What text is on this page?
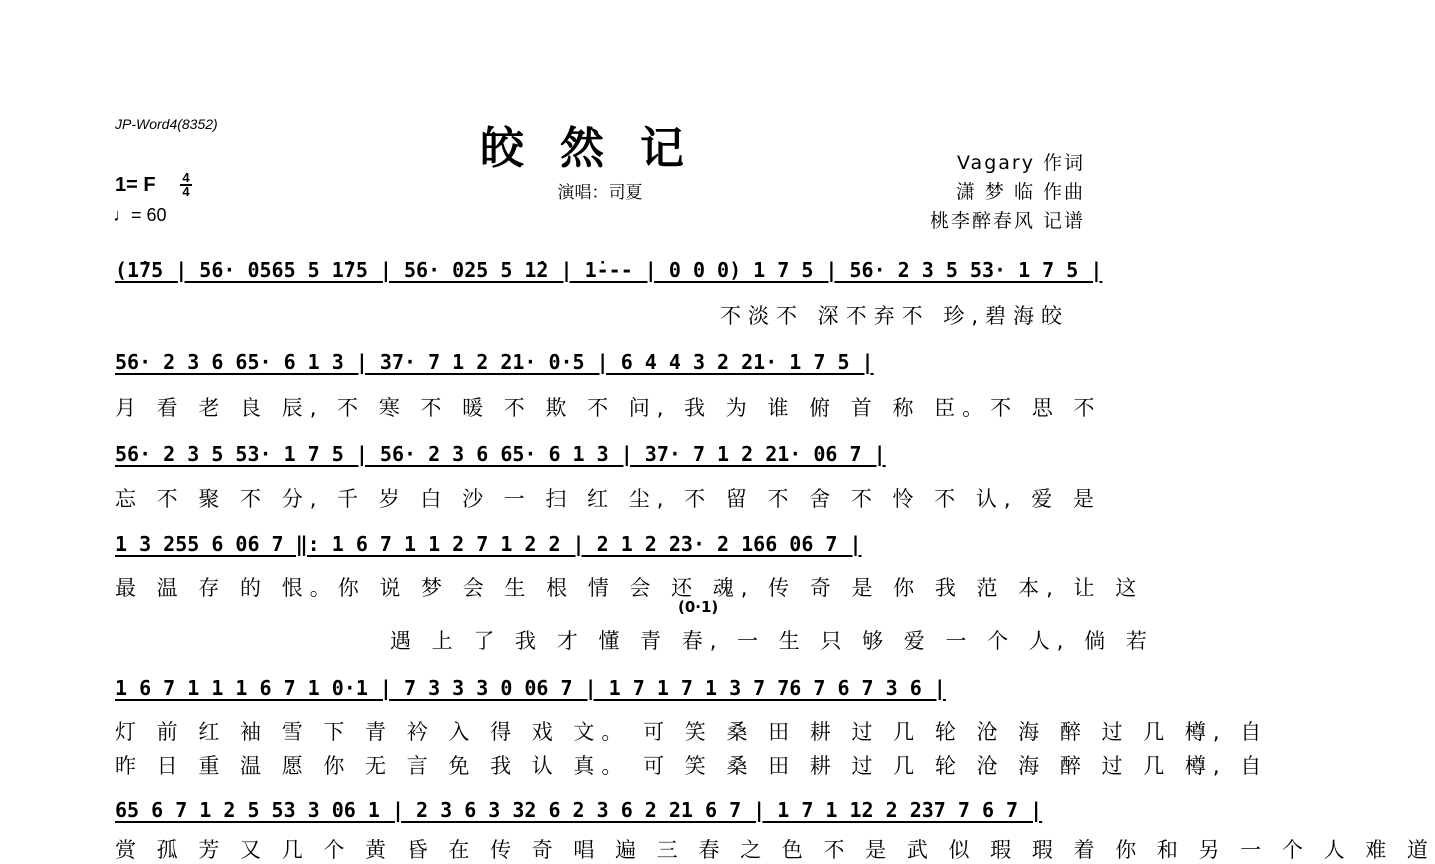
JP-Word4(8352)	皎然记
演唱：司夏
1= F	4
4
♩= 60
Vagary 作词
潇 梦 临 作曲
桃李醉春风 记谱
(1̇75 | 56· 0565 5 1̇75 | 56· 025 5 1̇2 | 1̇--- | 0 0 0) 1 7 5 | 56· 2 3 5 53· 1 7 5 |
不淡不 深不弃不 珍,碧海皎
56· 2 3 6 65· 6 1 3 | 37· 7 1 2 21· 0·5 | 6 4 4 3 2 21· 1 7 5 |
月 看 老 良 辰, 不 寒 不 暖 不 欺 不 问, 我 为 谁 俯 首 称 臣。不 思 不
56· 2 3 5 53· 1 7 5 | 56· 2 3 6 65· 6 1 3 | 37· 7 1 2 21· 06 7 |
忘 不 聚 不 分, 千 岁 白 沙 一 扫 红 尘, 不 留 不 舍 不 怜 不 认, 爱 是
1 3 255 6 06 7 ‖: 1 6 7 1 1 2 7 1 2 2 | 2 1 2 23· 2 166 06 7 |
最 温 存 的 恨。你 说 梦 会 生 根 情 会 还 魂, 传 奇 是 你 我 范 本, 让 这
(0·1)
遇 上 了 我 才 懂 青 春, 一 生 只 够 爱 一 个 人, 倘 若
1 6 7 1 1 1 6 7 1 0·1 | 7 3 3 3 0 06 7 | 1 7 1 7 1 3 7 76 7 6 7 3 6 |
灯 前 红 袖 雪 下 青 衿 入 得 戏 文。 可 笑 桑 田 耕 过 几 轮 沧 海 醉 过 几 樽, 自
昨 日 重 温 愿 你 无 言 免 我 认 真。 可 笑 桑 田 耕 过 几 轮 沧 海 醉 过 几 樽, 自
65 6 7 1 2 5 53 3 06 1 | 2 3 6 3 32 6 2 3 6 2 21 6 7 | 1 7 1 12 2 237 7 6 7 |
赏 孤 芳 又 几 个 黄 昏 在 传 奇 唱 遍 三 春 之 色 不 是 武 似 瑕 瑕 着 你 和 另 一 个 人 难 道
